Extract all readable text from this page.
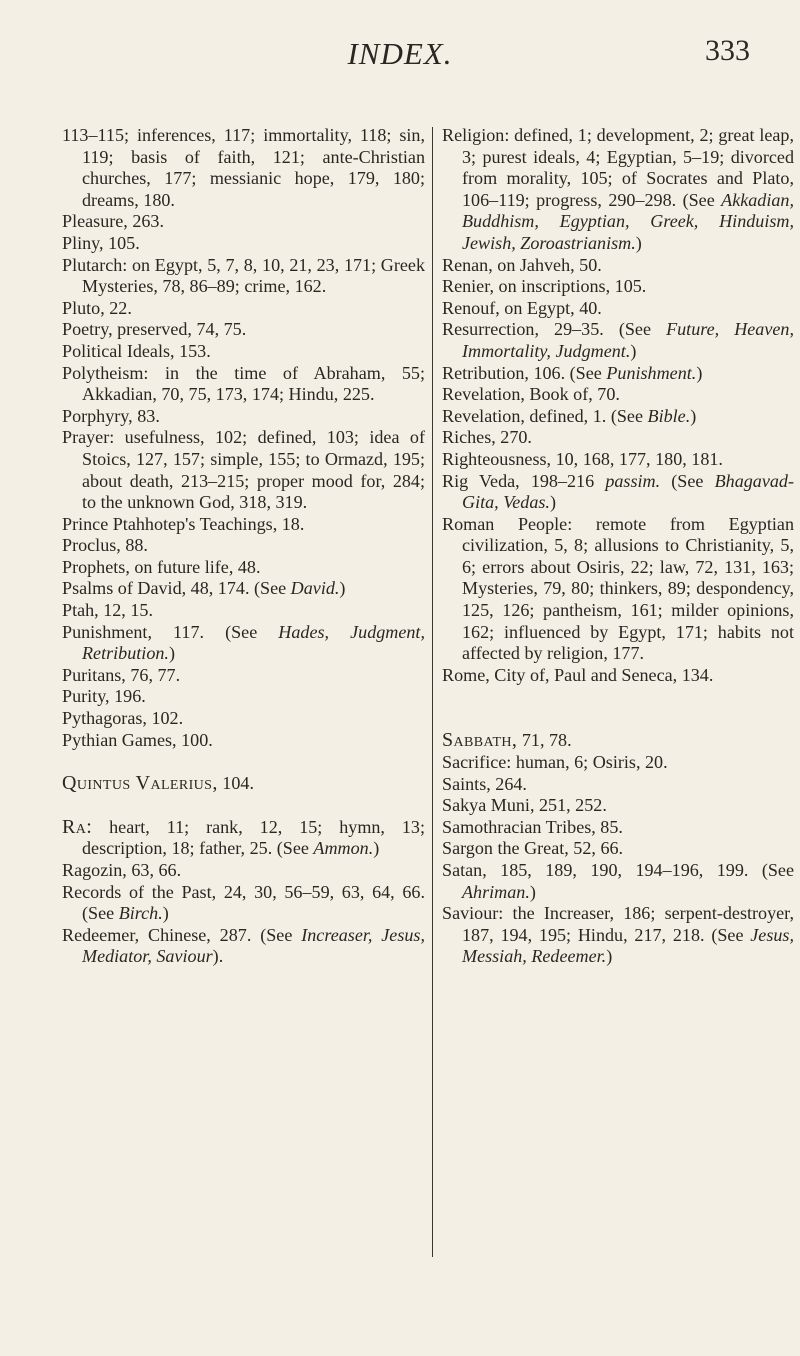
INDEX.	333

113–115; inferences, 117; immortality, 118; sin, 119; basis of faith, 121; ante-Christian churches, 177; messianic hope, 179, 180; dreams, 180.

Pleasure, 263.

Pliny, 105.

Plutarch: on Egypt, 5, 7, 8, 10, 21, 23, 171; Greek Mysteries, 78, 86–89; crime, 162.

Pluto, 22.

Poetry, preserved, 74, 75.

Political Ideals, 153.

Polytheism: in the time of Abraham, 55; Akkadian, 70, 75, 173, 174; Hindu, 225.

Porphyry, 83.

Prayer: usefulness, 102; defined, 103; idea of Stoics, 127, 157; simple, 155; to Ormazd, 195; about death, 213–215; proper mood for, 284; to the unknown God, 318, 319.

Prince Ptahhotep's Teachings, 18.

Proclus, 88.

Prophets, on future life, 48.

Psalms of David, 48, 174. (See David.)

Ptah, 12, 15.

Punishment, 117. (See Hades, Judgment, Retribution.)

Puritans, 76, 77.

Purity, 196.

Pythagoras, 102.

Pythian Games, 100.

Quintus Valerius, 104.

Ra: heart, 11; rank, 12, 15; hymn, 13; description, 18; father, 25. (See Ammon.)

Ragozin, 63, 66.

Records of the Past, 24, 30, 56–59, 63, 64, 66. (See Birch.)

Redeemer, Chinese, 287. (See Increaser, Jesus, Mediator, Saviour).

Religion: defined, 1; development, 2; great leap, 3; purest ideals, 4; Egyptian, 5–19; divorced from morality, 105; of Socrates and Plato, 106–119; progress, 290–298. (See Akkadian, Buddhism, Egyptian, Greek, Hinduism, Jewish, Zoroastrianism.)

Renan, on Jahveh, 50.

Renier, on inscriptions, 105.

Renouf, on Egypt, 40.

Resurrection, 29–35. (See Future, Heaven, Immortality, Judgment.)

Retribution, 106. (See Punishment.)

Revelation, Book of, 70.

Revelation, defined, 1. (See Bible.)

Riches, 270.

Righteousness, 10, 168, 177, 180, 181.

Rig Veda, 198–216 passim. (See Bhagavad-Gita, Vedas.)

Roman People: remote from Egyptian civilization, 5, 8; allusions to Christianity, 5, 6; errors about Osiris, 22; law, 72, 131, 163; Mysteries, 79, 80; thinkers, 89; despondency, 125, 126; pantheism, 161; milder opinions, 162; influenced by Egypt, 171; habits not affected by religion, 177.

Rome, City of, Paul and Seneca, 134.

Sabbath, 71, 78.

Sacrifice: human, 6; Osiris, 20.

Saints, 264.

Sakya Muni, 251, 252.

Samothracian Tribes, 85.

Sargon the Great, 52, 66.

Satan, 185, 189, 190, 194–196, 199. (See Ahriman.)

Saviour: the Increaser, 186; serpent-destroyer, 187, 194, 195; Hindu, 217, 218. (See Jesus, Messiah, Redeemer.)
